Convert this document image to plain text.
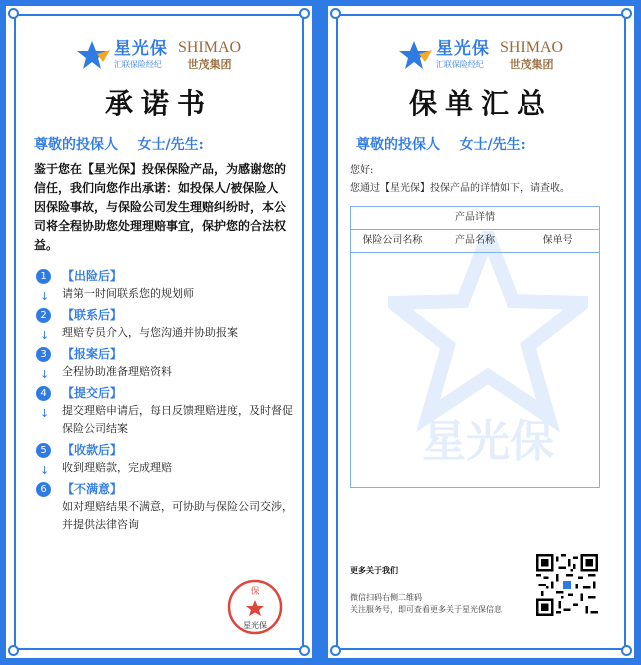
星光保
汇联保险经纪
SHIMAO
世茂集团
承诺书
尊敬的投保人    女士/先生:
鉴于您在【星光保】投保保险产品，为感谢您的信任，我们向您作出承诺：如投保人/被保险人因保险事故，与保险公司发生理赔纠纷时，本公司将全程协助您处理理赔事宜，保护您的合法权益。
1
↓
【出险后】
请第一时间联系您的规划师
2
↓
【联系后】
理赔专员介入，与您沟通并协助报案
3
↓
【报案后】
全程协助准备理赔资料
4
↓
【提交后】
提交理赔申请后，每日反馈理赔进度，及时督促保险公司结案
5
↓
【收款后】
收到理赔款，完成理赔
6	【不满意】
如对理赔结果不满意，可协助与保险公司交涉，并提供法律咨询
保
星光保
星光保
汇联保险经纪
SHIMAO
世茂集团
保单汇总
尊敬的投保人    女士/先生:
您好:
您通过【星光保】投保产品的详情如下，请查收。
星光保
产品详情
保险公司名称	产品名称	保单号
更多关于我们
微信扫码右侧二维码
关注服务号，即可查看更多关于星光保信息
